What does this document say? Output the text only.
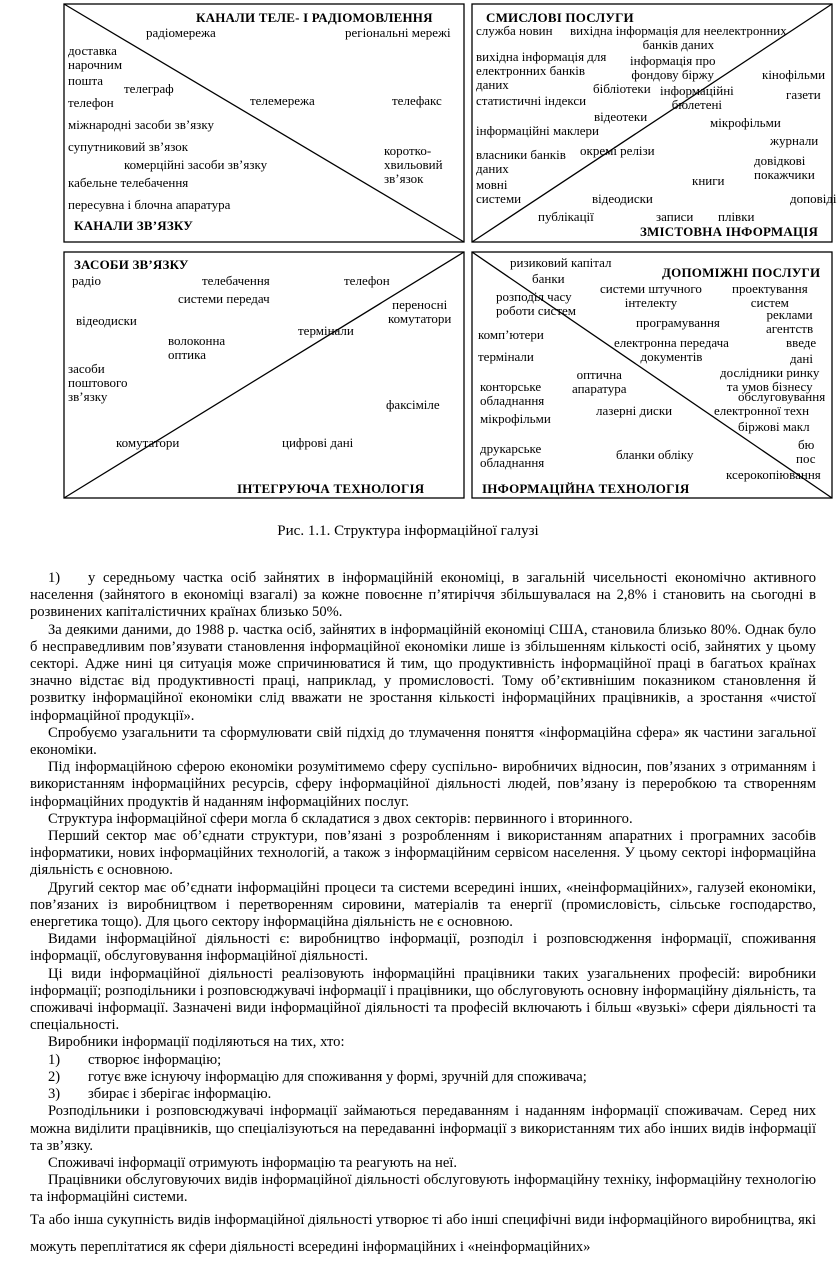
КАНАЛИ ТЕЛЕ- І РАДІОМОВЛЕННЯ
радіомережа	регіональні мережі
доставка
нарочним
пошта
телеграф
телефон	телемережа	телефакс
міжнародні засоби зв’язку
супутниковий зв’язок	коротко-
хвильовий
зв’язок
комерційні засоби зв’язку
кабельне телебачення
пересувна і блочна апаратура
КАНАЛИ ЗВ’ЯЗКУ
СМИСЛОВІ ПОСЛУГИ
служба новин вихідна інформація для неелектронних
банків даних
вихідна інформація для
електронних банків
даних
інформація про
фондову біржу	кінофільми
бібліотеки інформаційні
бюлетені
газети
статистичні індекси
відеотеки	мікрофільми
інформаційні маклери
журнали
власники банків
даних
окремі релізи
довідкові
покажчики
мовні
системи
книги
відеодиски	доповіді
публікації	записи плівки
ЗМІСТОВНА ІНФОРМАЦІЯ
ЗАСОБИ ЗВ’ЯЗКУ
радіо	телебачення	телефон
системи передач	переносні
комутатори
відеодиски
термінали
волоконна
оптика
засоби
поштового
зв’язку
факсіміле
комутатори	цифрові дані
ІНТЕГРУЮЧА ТЕХНОЛОГІЯ
ризиковий капітал
банки	ДОПОМІЖНІ ПОСЛУГИ
розподіл часу
роботи систем
системи штучного
інтелекту
проектування
систем
реклами
агентств
комп’ютери
програмування
введе
електронна передача
документів	дані
термінали
оптична
апаратура
дослідники ринку
та умов бізнесу
обслуговування
електронної техн
конторське
обладнання
лазерні диски
біржові макл
мікрофільми
бю
пос
друкарське
обладнання
бланки обліку
ксерокопіювання
ІНФОРМАЦІЙНА ТЕХНОЛОГІЯ
Рис. 1.1. Структура інформаційної галузі

1) у середньому частка осіб зайнятих в інформаційній економіці, в загальній чисельності економічно активного населення (зайнятого в економіці взагалі) за кожне повоєнне п’ятиріччя збільшувалася на 2,8% і становить на сьогодні в розвинених капіталістичних країнах близько 50%.

За деякими даними, до 1988 р. частка осіб, зайнятих в інформаційній економіці США, становила близько 80%. Однак було б несправедливим пов’язувати становлення інформаційної економіки лише із збільшенням кількості осіб, зайнятих у цьому секторі. Адже нині ця ситуація може спричинюватися й тим, що продуктивність інформаційної праці в багатьох країнах значно відстає від продуктивності праці, наприклад, у промисловості. Тому об’єктивнішим показником становлення й розвитку інформаційної економіки слід вважати не зростання кількості інформаційних працівників, а зростання «чистої інформаційної продукції».

Спробуємо узагальнити та сформулювати свій підхід до тлумачення поняття «інформаційна сфера» як частини загальної економіки.

Під інформаційною сферою економіки розумітимемо сферу суспільно- виробничих відносин, пов’язаних з отриманням і використанням інформаційних ресурсів, сферу інформаційної діяльності людей, пов’язану із переробкою та створенням інформаційних продуктів й наданням інформаційних послуг.

Структура інформаційної сфери могла б складатися з двох секторів: первинного і вторинного.

Перший сектор має об’єднати структури, пов’язані з розробленням і використанням апаратних і програмних засобів інформатики, нових інформаційних технологій, а також з інформаційним сервісом населення. У цьому секторі інформаційна діяльність є основною.

Другий сектор має об’єднати інформаційні процеси та системи всередині інших, «неінформаційних», галузей економіки, пов’язаних із виробництвом і перетворенням сировини, матеріалів та енергії (промисловість, сільське господарство, енергетика тощо). Для цього сектору інформаційна діяльність не є основною.

Видами інформаційної діяльності є: виробництво інформації, розподіл і розповсюдження інформації, споживання інформації, обслуговування інформаційної діяльності.

Ці види інформаційної діяльності реалізовують інформаційні працівники таких узагальнених професій: виробники інформації; розподільники і розповсюджувачі інформації і працівники, що обслуговують основну інформаційну діяльність, та споживачі інформації. Зазначені види інформаційної діяльності та професій включають і більш «вузькі» сфери діяльності та спеціальності.

Виробники інформації поділяються на тих, хто:

1) створює інформацію;

2) готує вже існуючу інформацію для споживання у формі, зручній для споживача;

3) збирає і зберігає інформацію.

Розподільники і розповсюджувачі інформації займаються передаванням і наданням інформації споживачам. Серед них можна виділити працівників, що спеціалізуються на передаванні інформації з використанням тих або інших видів інформації та зв’язку.

Споживачі інформації отримують інформацію та реагують на неї.

Працівники обслуговуючих видів інформаційної діяльності обслуговують інформаційну техніку, інформаційну технологію та інформаційні системи.

Та або інша сукупність видів інформаційної діяльності утворює ті або інші специфічні види інформаційного виробництва, які можуть переплітатися як сфери діяльності всередині інформаційних і «неінформаційних»
